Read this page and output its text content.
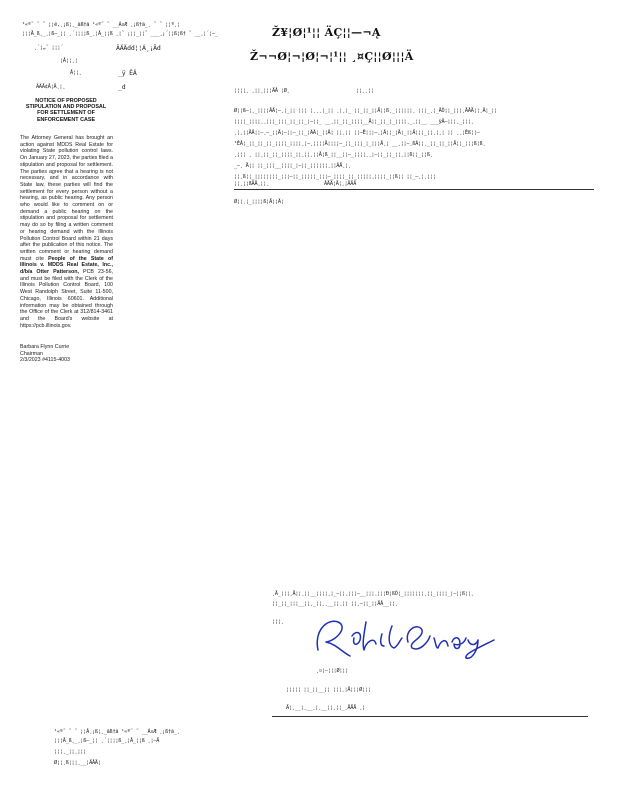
¹«º˜ ˜ ˜ ¦¦ê,¸¡ß¦¸_ãß†ã ¹«º˜ ˜ __Á¤Æ ¸¡ß†ã_¸ ˜ ˜ ¦¦º¸¦
¦¦¦Â_ß¸_¸¦ß—_¦¦ ¸´¦¦¦¦ß_¸¦Â_¦¦ß ¸¦˜ ¡¦¦_¦¦˜ ___¸¡´¦¦ß¦ß† ˜ __¸¦´¦—_
¸´¦„˜ ¦¦¦´	ÂÄÄdd¦¦Á¸¡Âd
¦Â¦¦¸¦
Â¦¦¸	_ÿ ÊÄ
ÃÃÂ¢Â¦Â¸¦¸	_d
NOTICE OF PROPOSED STIPULATION AND PROPOSAL FOR SETTLEMENT OF ENFORCEMENT CASE
The Attorney General has brought an action against MDDS Real Estate for violating State pollution control laws. On January 27, 2023, the parties filed a stipulation and proposal for settlement. The parties agree that a hearing is not necessary, and in accordance with State law, these parties will find the settlement for every person without a hearing, as public hearing. Any person who would like to comment on or demand a public hearing on the stipulation and proposal for settlement may do so by filing a written comment or hearing demand with the Illinois Pollution Control Board within 21 days after the publication of this notice. The written comment or hearing demand must cite People of the State of Illinois v. MDDS Real Estate, Inc., d/b/a Otter Patterson, PCB 23-56, and must be filed with the Clerk of the Illinois Pollution Control Board, 100 West Randolph Street, Suite 11-500, Chicago, Illinois 60601. Additional information may be obtained through the Office of the Clerk at 312/814-3461 and the Board's website at https://pcb.illinois.gov.
Barbara Flynn Currie
Chairman
2/3/2023 #4115-4003
Ž¥¦Ø¦¹¦¦ ÄÇ¦¦—¬Ą
Ž¬¬Ø¦¬¦Ø¦¬¦¹¦¦ ¸¤Ç¦¦Ø¦¦¦Ä
¦¦¦¦¸ ¸¦¦¸¦¦¦ÄÂ ¦Ø¸	¦¦¸¸¦¦
Ø¦¦ß—¦¸_¦¦¦¦ÂÄ¦—¸¦_¦¦ ¦¦¦ ¦¸¸¸¦_¦¦ ¸¦¸¦_ ¦¦_¦¦_¦¦Ä¦¦ß¸_¦¦¦¦¦¦¸ ¦¦¦_¸¦_ÂÒ¦¦_¦¦¦¸ÄÂÄ¦¦¸Â¦_¦¦
¦¦¦¦_¦¦¦¦¸¸¦¦¦_¦¦¦_¦¦_¦¦_¦—¦¦_ __¸¦¦_¦¦_¦¦¦¦__Ä¦¦_¦¦_¦_¦¦¦¦¸_¸¦¦__ ___ÿÄ—¦¦¦¸_¦¦¦¸
¸¦¸¦¦ÄÂ¦¦—¸—_¦¦Ä¦—¦¦—_¦¦_¦ÃÃ¦_¦¦Â¦ ¦¦¸¦¦ ¦¦—Ê¦¦¦—¸¦Ä¦¦_¦Ä¦_¦¦Ä¦¦¦_¦¦¸¦¸¦ ¦¦ ¸¸¦Êß¦¦—
¹ÊÂ¦_¦¦_¦¦_¦¦_¦¦¦¦_¦¦¦¦¸¦—¸¦¦¦¦Ä¦¦¦¦—_¦¦_¦¦¦_¦_¦¦¦Ä¸¦ __¸¦¦—¸ßÃ¦¦¸_¦¦_¦¦_¦¦Ä¦¦_¦¦¦ß¦ß¸
¸¦¦¦ ¸ ¦¦¸¦¦_¦¦_¦¦¦¦_¦¦¸¦¦¸¦¦Â¦ß_¦¦__¦¦—_¦¦¦¦¸¸¦—¦¦_¦¦_¦¦¸¦¦ß¦¦_¦¦ß¸
_—¸ Ä¦¦ ¦¦_¦¦¦__¦¦¦¦_¦—¦¦_¦¦¦¦¦¦¸¦¦ÃÄ¸¦¸
¦¦¸ß¦¦_¦¦¦¦¦¦¦¦_¦¦¦—¦¦_¦¦¦¦¦_¦¦¦—_¦¦¦¦_¦¦_¦¦¦¦¦¸¦¦¦¦_¦¦ß¦¦ ¦¦_—¸¦¸¦¦¦
¦¦¸¦¦ßÂÄ¸¦¦¸	ÂÄÄ¦Ä¦¸¦ÄÄÄ
Ø¦¦¸¦_¦¦¦¦ß¦Ä¦¦Ä¦
¸Ä_¦¦¦¸Ä¦¦¸¦¦__¦¦¦¦¸¦_—¦¦¸¦¦¦—__¦¦¦¸¦¦¦Ð¦ßÒ¦_¦¦¦¦¦¦¦¸¦¦_¦¦¦¦_¦—¦¦ß¦¦¸
¦¦_¦¦_¦¦¦__¦¦¸_¦¦¸¸__¦¦¸¦¦ ¦¦¸—¦¦_¦¦ÄÂ__¦¦¸
¦¦¦¸
¸¤¦—¦¦¦Ø¦¦¦
¦¦¦¦¦ ¦¦_¦¦__¦¦ ¦¦¦¸¦Ä¦¦¦Ø¦¦¦
Ä¦¸__¦¸__¸¦¸__¦¦¸¦¦_¸ÄÄÄ ¸¦
¹«º˜ ˜ ˜ ¦¦Â¸¡ß¦¸_ãß†ã ¹«º˜ ˜ __Á¤Æ ¸¡ß†ã_¸
¦¦¦Â_ß¸_¸¦ß—_¦¦ ¸´¦¦¦¦ß_¸¦Â_¦¦ß ¸¦—Ä
¦¦¦¸_¦¦¸¦¦¦
Ø¦¦¸ß¦¦¦¸__¦ÄÂÄ¦
